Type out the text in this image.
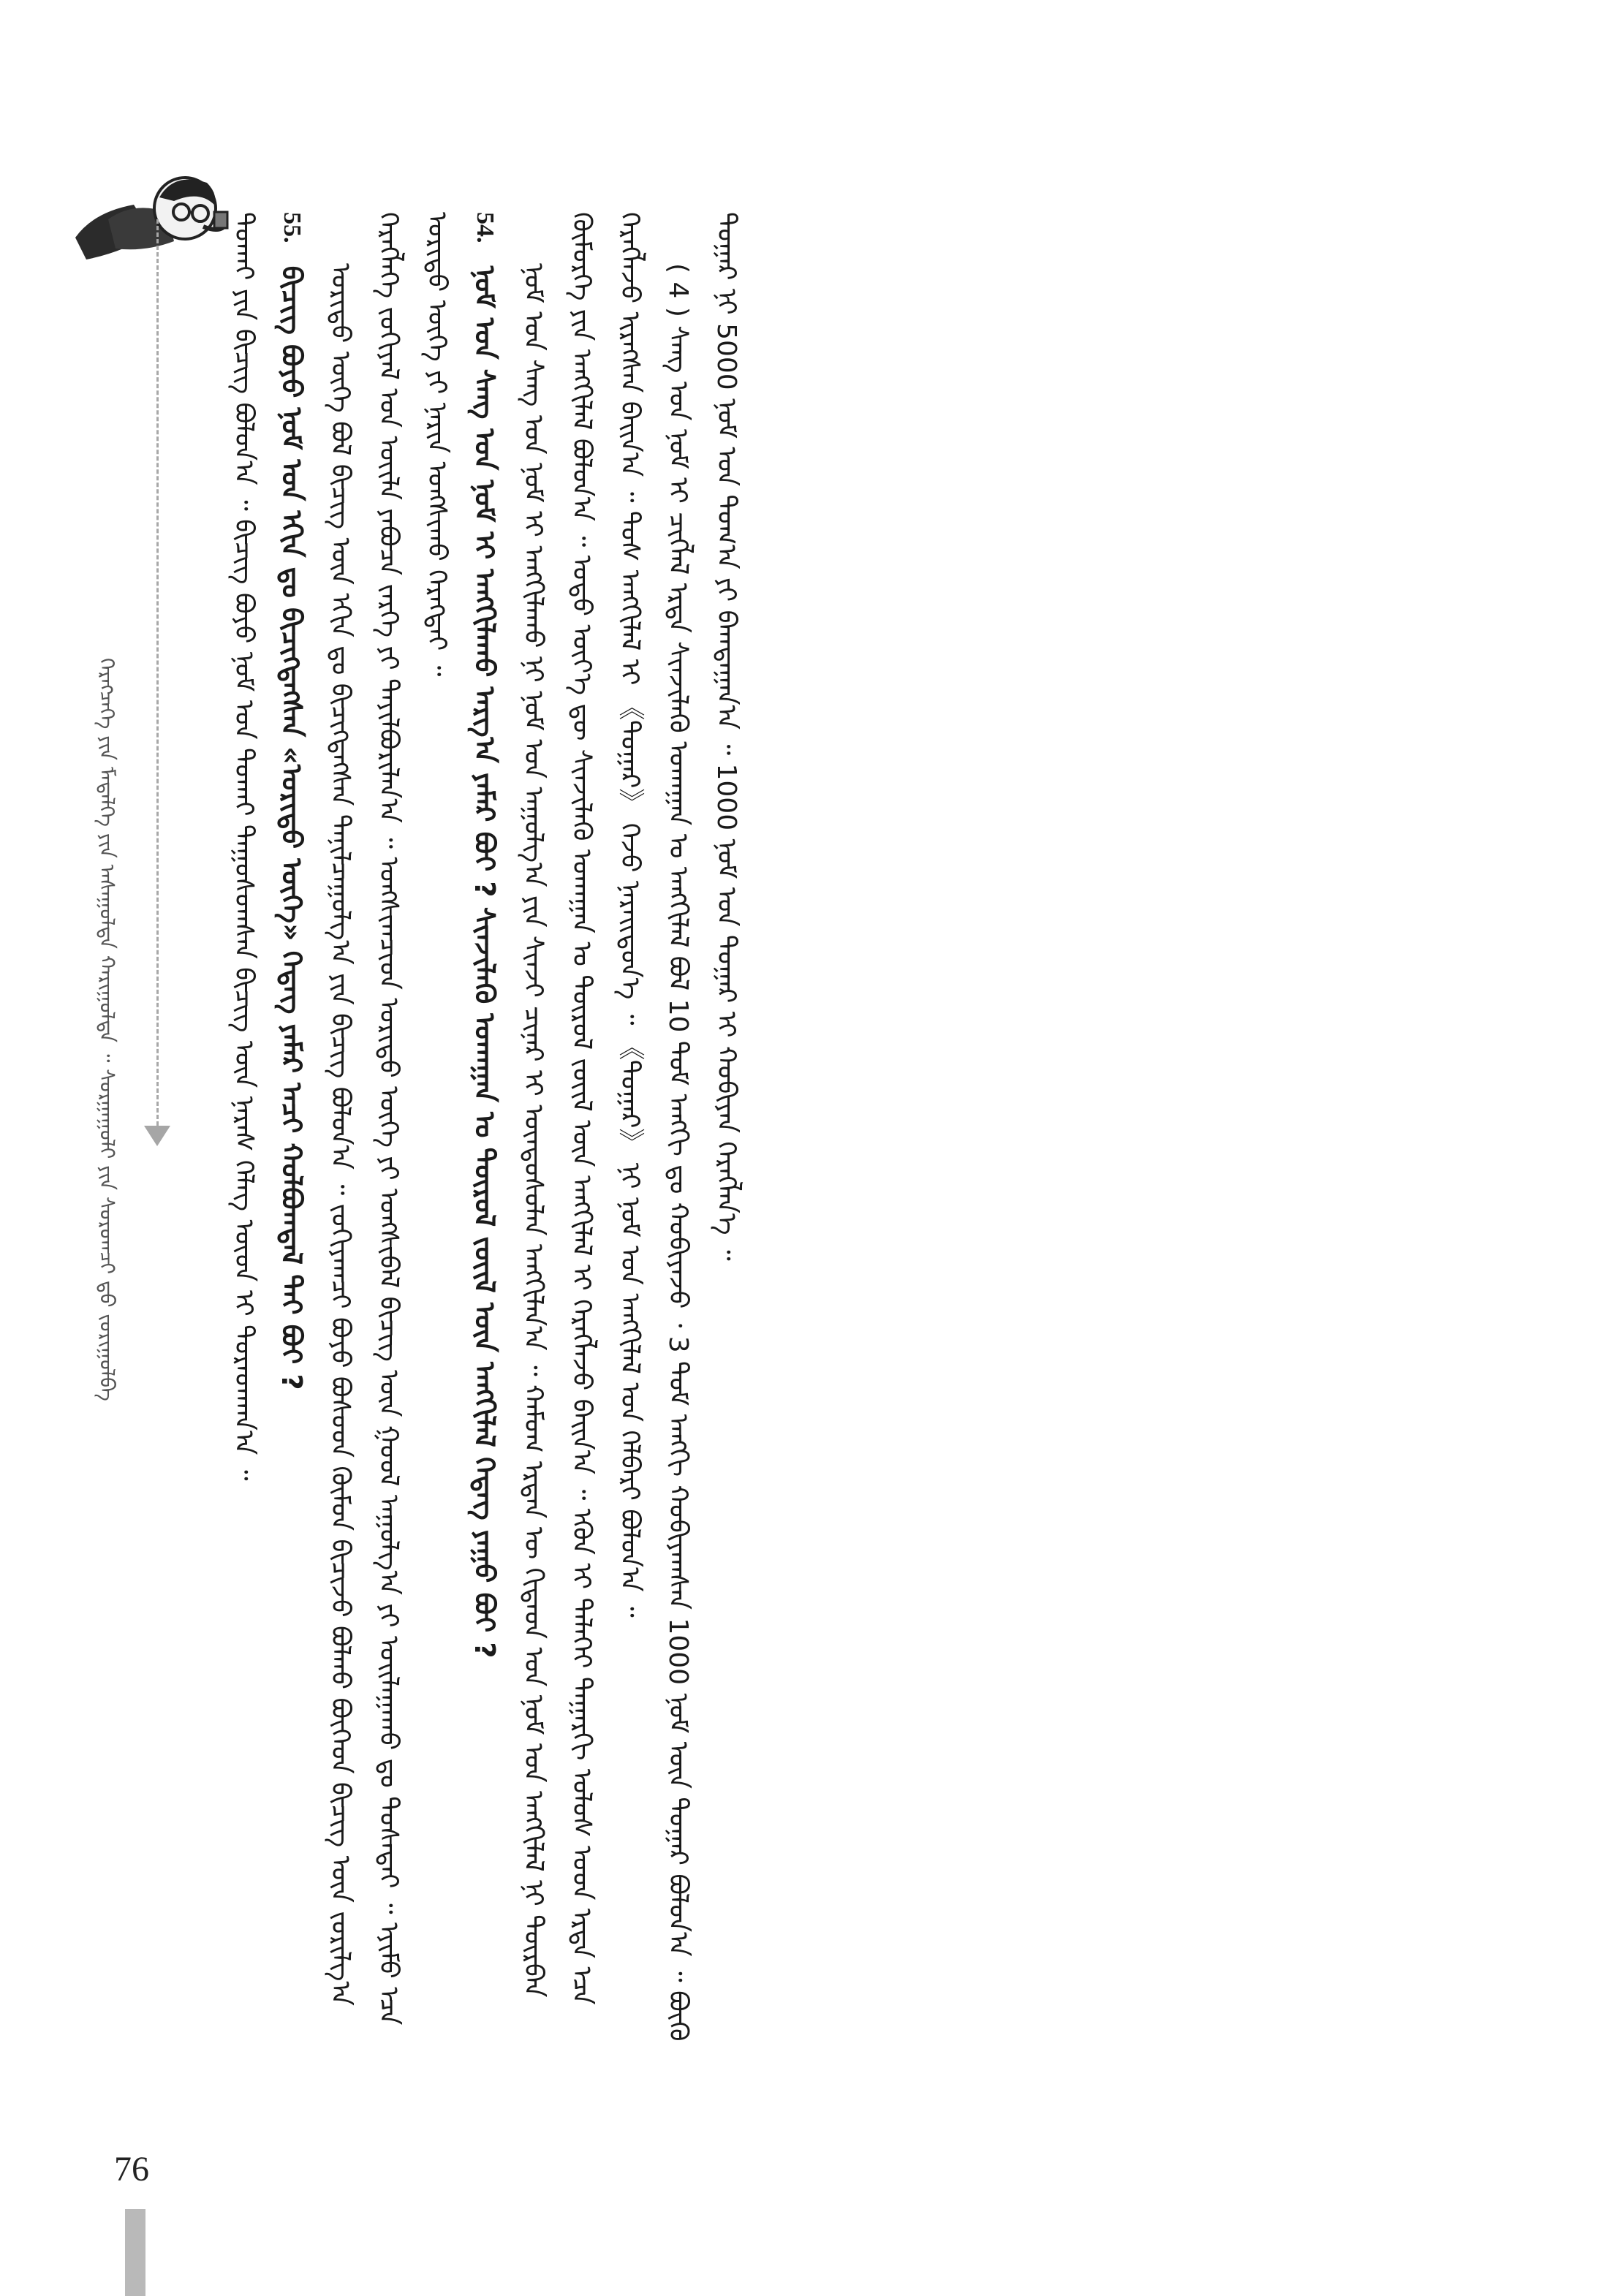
ᠬᠡᠷᠡᠭᠴᠡᠭᠡ ᠶᠢᠨ ᠮᠡᠳᠡᠯᠭᠡ ᠶᠢᠨ ᠠᠰᠠᠭᠤᠯᠲᠠ ᠬᠠᠷᠢᠭᠤᠯᠲᠠ ᠃ ᠰᠤᠷᠭᠠᠭᠤᠯᠢ ᠶᠢᠨ ᠰᠤᠷᠤᠭᠴᠢ ᠳ᠋ᠤ ᠵᠣᠷᠢᠭᠤᠯᠪᠠ	ᠲᠤᠬᠠᠢ ᠶᠢᠨ ᠪᠢᠴᠢᠭ ᠪᠣᠯᠤᠨ᠎ᠠ ᠃ ᠪᠢᠴᠢᠭ ᠪᠤᠶᠤ ᠨᠣᠮ ᠤᠨ ᠲᠤᠬᠠᠢ ᠳᠠᠭᠤᠰᠤᠭᠰᠠᠨ ᠪᠢᠴᠢᠭ ᠦᠨ ᠨᠡᠷᠡᠰ ᠬᠡᠯᠡᠭ ᠦᠳ ᠢ ᠳᠤᠷᠠᠳᠬᠠᠨ᠎ᠠ ᠃ 55. ᠪᠢᠴᠢᠭ ᠪᠤᠶᠤ ᠨᠣᠮ ᠤᠨ ᠡᠬᠢᠨ ᠳᠤ ᠪᠢᠴᠢᠭᠳᠡᠭᠰᠡᠨ «ᠤᠷᠢᠳᠤ ᠦᠭᠡ» ᠬᠡᠳᠡᠭ ᠶᠠᠮᠠᠷ ᠠᠴᠢ ᠬᠣᠯᠪᠣᠭᠳᠠᠯ ᠲᠠᠢ ᠪᠤᠢ ? ᠤᠷᠢᠳᠤ ᠦᠭᠡ ᠪᠣᠯ ᠪᠢᠴᠢᠭ ᠦᠨ ᠡᠬᠢᠨ ᠳᠤ ᠪᠢᠴᠢᠭᠳᠡᠭᠰᠡᠨ ᠲᠠᠨᠢᠯᠴᠠᠭᠤᠯᠭ᠎ᠠ ᠶᠢᠨ ᠪᠢᠴᠢᠭ ᠪᠣᠯᠤᠨ᠎ᠠ ᠃ ᠵᠣᠬᠢᠶᠠᠭᠴᠢ ᠪᠤᠶᠤ ᠪᠤᠰᠤᠳ ᠬᠦᠮᠦᠨ ᠪᠢᠴᠢᠵᠦ ᠪᠣᠯᠬᠤ ᠪᠥᠭᠡᠳ ᠪᠢᠴᠢᠭ ᠦᠨ ᠵᠣᠷᠢᠯᠭ᠎ᠠ ᠬᠡᠷᠡᠭᠯᠡᠭᠡ ᠵᠣᠬᠢᠶᠠᠯ ᠤᠨ ᠦᠢᠯᠡ ᠶᠠᠪᠤᠴᠠ ᠵᠡᠷᠭᠡ ᠶᠢ ᠲᠠᠶᠢᠯᠪᠤᠷᠢᠯᠠᠨ᠎ᠠ ᠃ ᠤᠩᠰᠢᠭᠴᠢᠳ ᠤᠷᠢᠳᠤ ᠦᠭᠡ ᠶᠢ ᠤᠩᠰᠢᠪᠠᠯ ᠪᠢᠴᠢᠭ ᠦᠨ ᠭᠣᠤᠯ ᠠᠭᠤᠯᠭ᠎ᠠ ᠶᠢ ᠣᠢᠯᠠᠭᠠᠬᠤ ᠳᠤ ᠲᠤᠰᠠᠲᠠᠢ ᠃ ᠡᠶᠢᠮᠦ ᠡᠴᠡ ᠤᠷᠢᠳᠤ ᠦᠭᠡ ᠶᠢ ᠨᠠᠷᠢᠨ ᠤᠩᠰᠢᠬᠤ ᠬᠡᠷᠡᠭᠲᠡᠢ ᠃ 54. ᠨᠣᠮ ᠤᠨ ᠰᠠᠩ ᠤᠨ ᠨᠣᠮ ᠢ ᠠᠩᠭᠢᠯᠠᠬᠤ ᠠᠷᠭ᠎ᠠ ᠶᠠᠮᠠᠷ ᠪᠤᠢ ? ᠰᠢᠨᠵᠢᠯᠡᠬᠦ ᠤᠬᠠᠭᠠᠨ ᠤ ᠲᠦᠷᠦᠯ ᠵᠦᠢᠯ ᠦᠨ ᠠᠩᠭᠢᠯᠠᠯ ᠭᠡᠳᠡᠭ ᠶᠠᠭᠤ ᠪᠤᠢ ? ᠨᠣᠮ ᠤᠨ ᠰᠠᠩ ᠤᠨ ᠨᠣᠮ ᠢ ᠠᠩᠭᠢᠯᠠᠬᠤ ᠨᠢ ᠨᠣᠮ ᠤᠨ ᠠᠭᠤᠯᠭ᠎ᠠ ᠶᠢᠨ ᠰᠢᠨᠵᠢ ᠴᠢᠨᠠᠷ ᠢ ᠦᠨᠳᠦᠰᠦᠯᠡᠨ ᠠᠩᠭᠢᠯᠠᠨ᠎ᠠ ᠃ ᠬᠠᠮᠤᠭ ᠡᠷᠲᠡᠨ ᠦ ᠬᠢᠲᠠᠳ ᠤᠨ ᠨᠣᠮ ᠤᠨ ᠠᠩᠭᠢᠯᠠᠯ ᠨᠢ ᠳᠥᠷᠪᠡᠨ ᠬᠥᠮᠦᠷᠭᠡ ᠶᠢᠨ ᠠᠩᠭᠢᠯᠠᠯ ᠪᠣᠯᠤᠨ᠎ᠠ ᠃ ᠣᠳᠣ ᠦᠶ᠎ᠡ ᠳᠦ ᠰᠢᠨᠵᠢᠯᠡᠬᠦ ᠤᠬᠠᠭᠠᠨ ᠤ ᠲᠦᠷᠦᠯ ᠵᠦᠢᠯ ᠦᠨ ᠠᠩᠭᠢᠯᠠᠯ ᠢ ᠬᠡᠷᠡᠭᠯᠡᠵᠦ ᠪᠠᠢᠨ᠎ᠠ ᠃ ᠡᠭᠦᠨ ᠢ ᠳᠡᠯᠡᠬᠡᠢ ᠳᠠᠭᠠᠷᠬᠢ ᠤᠯᠤᠰ ᠤᠳ ᠡᠷᠲᠡ ᠡᠴᠡ ᠬᠡᠷᠡᠭᠯᠡᠵᠦ ᠢᠷᠡᠭᠰᠡᠨ ᠪᠠᠢᠨ᠎ᠠ ᠃ ᠲᠤᠰ ᠠᠩᠭᠢᠯᠠᠯ ᠢ 《ᠳᠤᠭᠠᠷ》 ᠭᠡᠵᠦ ᠨᠡᠷᠡᠢᠳᠦᠨ᠎ᠡ ᠃ 《ᠳᠤᠭᠠᠷ》 ᠨᠢ ᠨᠣᠮ ᠤᠨ ᠠᠩᠭᠢᠯᠠᠯ ᠤᠨ ᠬᠡᠯᠪᠡᠷᠢ ᠪᠣᠯᠤᠨ᠎ᠠ ᠃ ( 4 ) ᠰᠠᠩ ᠤᠨ ᠨᠣᠮ ᠢ ᠴᠢᠭᠯᠡᠯ ᠡᠷᠲᠡ ᠰᠢᠨᠵᠢᠯᠡᠬᠦ ᠤᠬᠠᠭᠠᠨ ᠤ ᠠᠩᠭᠢᠯᠠᠯ ᠪᠣᠯ 10 ᠲᠣᠮ ᠠᠩᠭᠢ ᠳᠤ ᠬᠤᠪᠢᠶᠠᠵᠤ ᠂ 3 ᠲᠣᠮ ᠠᠩᠭᠢ ᠬᠤᠪᠢᠶᠠᠭᠰᠠᠨ 1000 ᠨᠣᠮ ᠦᠨ ᠳᠤᠭᠠᠷ ᠪᠣᠯᠤᠨ᠎ᠠ ᠃ ᠪᠦᠬᠦ ᠳᠤᠭᠠᠷ ᠨᠢ 5000 ᠨᠣᠮ ᠤᠨ ᠲᠣᠭ᠎ᠠ ᠶᠢ ᠪᠠᠭᠲᠠᠭᠠᠨ᠎ᠠ ᠃ 1000 ᠨᠣᠮ ᠤᠨ ᠳᠤᠭᠠᠷ ᠢ ᠬᠤᠪᠢᠶᠠᠨ ᠬᠡᠷᠡᠭᠯᠡᠨ᠎ᠡ ᠃

76
